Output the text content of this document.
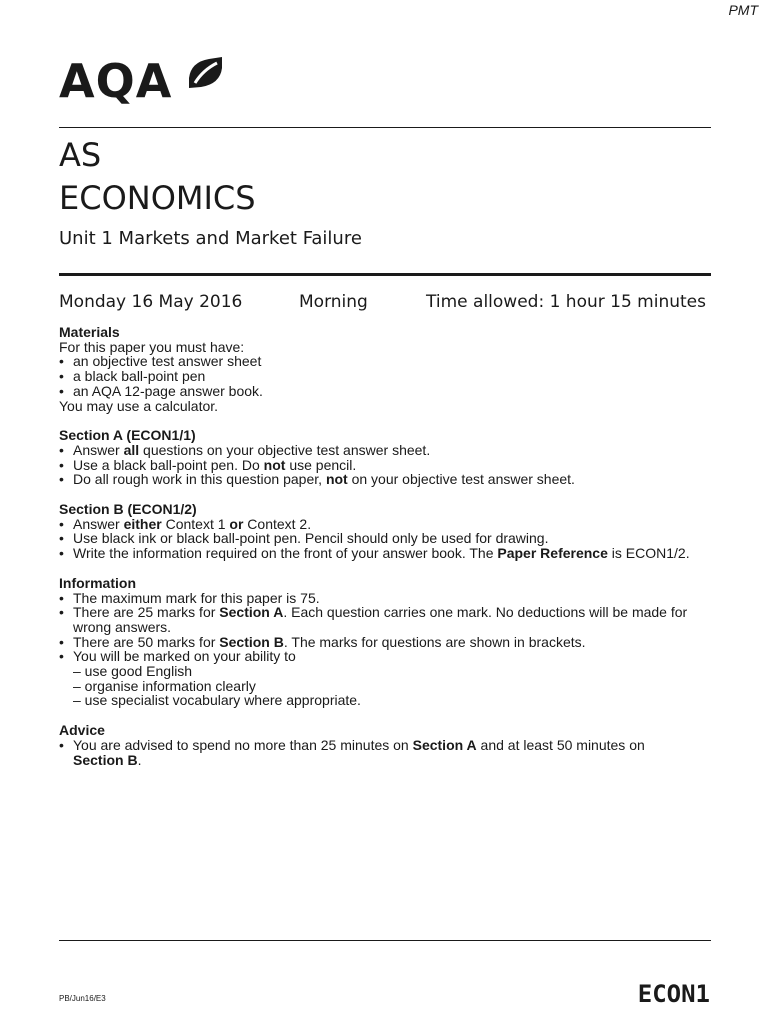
PMT
AQA
AS
ECONOMICS
Unit 1 Markets and Market Failure
Monday 16 May 2016	Morning	Time allowed: 1 hour 15 minutes
Materials
For this paper you must have:
• an objective test answer sheet
• a black ball-point pen
• an AQA 12-page answer book.
You may use a calculator.
Section A (ECON1/1)
• Answer all questions on your objective test answer sheet.
• Use a black ball-point pen. Do not use pencil.
• Do all rough work in this question paper, not on your objective test answer sheet.
Section B (ECON1/2)
• Answer either Context 1 or Context 2.
• Use black ink or black ball-point pen. Pencil should only be used for drawing.
• Write the information required on the front of your answer book. The Paper Reference is ECON1/2.
Information
• The maximum mark for this paper is 75.
• There are 25 marks for Section A. Each question carries one mark. No deductions will be made for wrong answers.
• There are 50 marks for Section B. The marks for questions are shown in brackets.
• You will be marked on your ability to
– use good English
– organise information clearly
– use specialist vocabulary where appropriate.
Advice
• You are advised to spend no more than 25 minutes on Section A and at least 50 minutes on
Section B.
PB/Jun16/E3	ECON1
